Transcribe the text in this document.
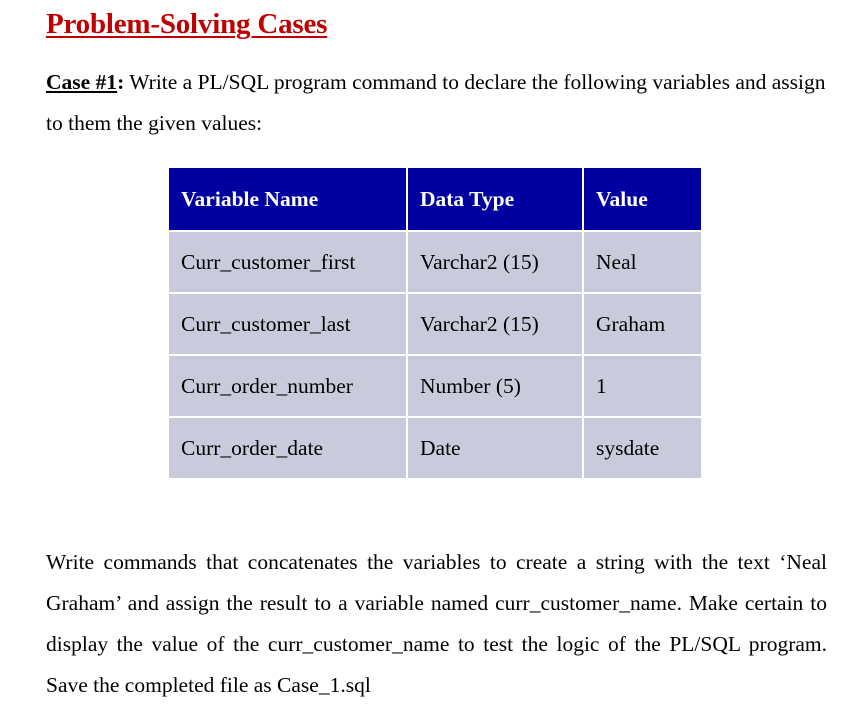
Problem-Solving Cases

Case #1: Write a PL/SQL program command to declare the following variables and assign to them the given values:

Variable Name	Data Type	Value
Curr_customer_first	Varchar2 (15)	Neal
Curr_customer_last	Varchar2 (15)	Graham
Curr_order_number	Number (5)	1
Curr_order_date	Date	sysdate

Write commands that concatenates the variables to create a string with the text ‘Neal Graham’ and assign the result to a variable named curr_customer_name. Make certain to display the value of the curr_customer_name to test the logic of the PL/SQL program. Save the completed file as Case_1.sql
